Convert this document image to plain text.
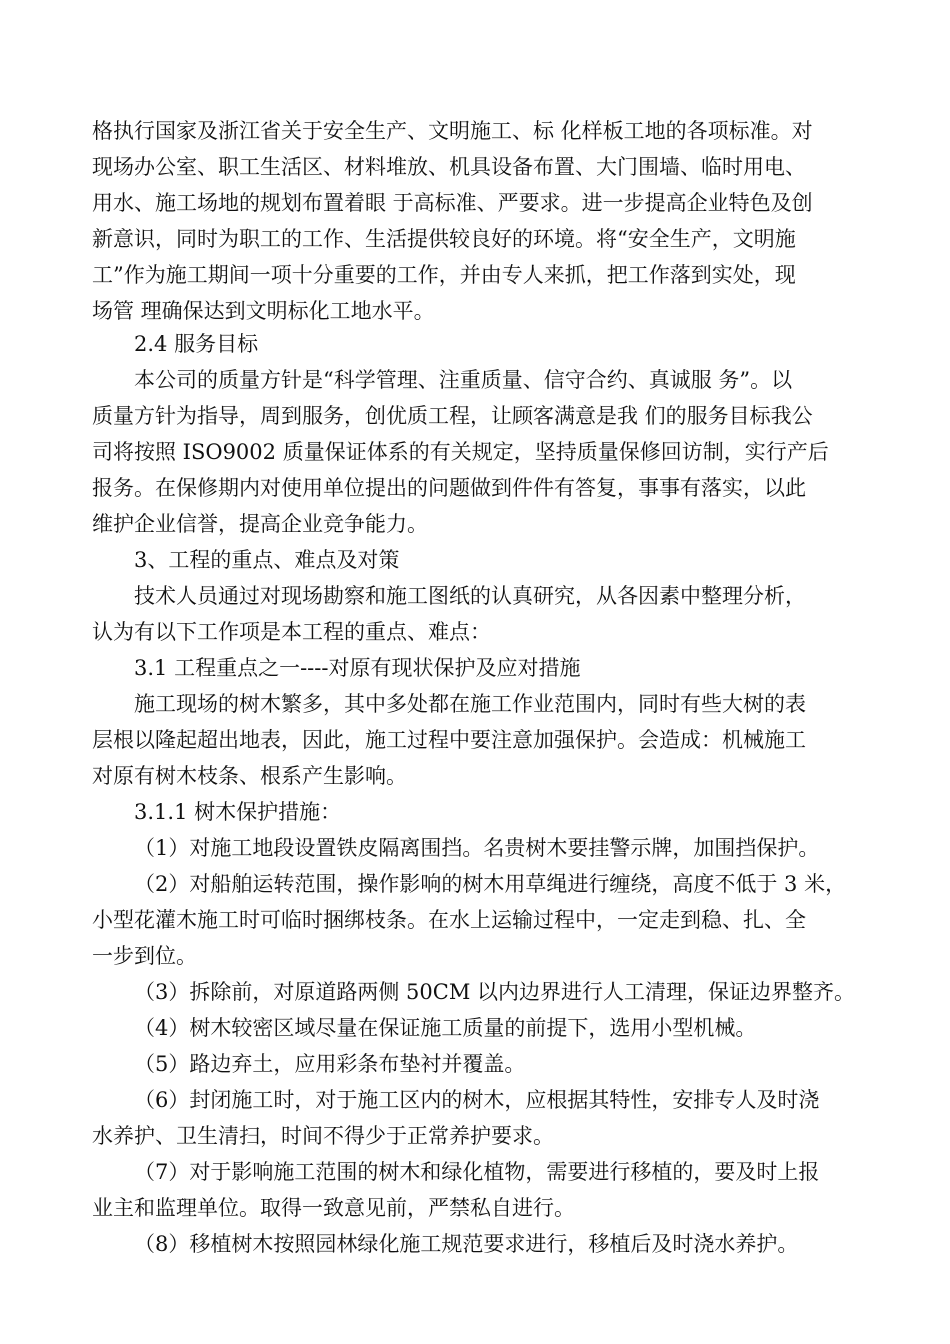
格执行国家及浙江省关于安全生产、文明施工、标 化样板工地的各项标准。对
现场办公室、职工生活区、材料堆放、机具设备布置、大门围墙、临时用电、
用水、施工场地的规划布置着眼 于高标准、严要求。进一步提高企业特色及创
新意识，同时为职工的工作、生活提供较良好的环境。将“安全生产，文明施
工”作为施工期间一项十分重要的工作，并由专人来抓，把工作落到实处，现
场管 理确保达到文明标化工地水平。
2.4 服务目标
本公司的质量方针是“科学管理、注重质量、信守合约、真诚服 务”。以
质量方针为指导，周到服务，创优质工程，让顾客满意是我 们的服务目标我公
司将按照 ISO9002 质量保证体系的有关规定，坚持质量保修回访制，实行产后
报务。在保修期内对使用单位提出的问题做到件件有答复，事事有落实，以此
维护企业信誉，提高企业竞争能力。
3、工程的重点、难点及对策
技术人员通过对现场勘察和施工图纸的认真研究，从各因素中整理分析，
认为有以下工作项是本工程的重点、难点：
3.1 工程重点之一----对原有现状保护及应对措施
施工现场的树木繁多，其中多处都在施工作业范围内，同时有些大树的表
层根以隆起超出地表，因此，施工过程中要注意加强保护。会造成：机械施工
对原有树木枝条、根系产生影响。
3.1.1 树木保护措施：
（1）对施工地段设置铁皮隔离围挡。名贵树木要挂警示牌，加围挡保护。
（2）对船舶运转范围，操作影响的树木用草绳进行缠绕，高度不低于 3 米，
小型花灌木施工时可临时捆绑枝条。在水上运输过程中，一定走到稳、扎、全
一步到位。
（3）拆除前，对原道路两侧 50CM 以内边界进行人工清理，保证边界整齐。
（4）树木较密区域尽量在保证施工质量的前提下，选用小型机械。
（5）路边弃土，应用彩条布垫衬并覆盖。
（6）封闭施工时，对于施工区内的树木，应根据其特性，安排专人及时浇
水养护、卫生清扫，时间不得少于正常养护要求。
（7）对于影响施工范围的树木和绿化植物，需要进行移植的，要及时上报
业主和监理单位。取得一致意见前，严禁私自进行。
（8）移植树木按照园林绿化施工规范要求进行，移植后及时浇水养护。
